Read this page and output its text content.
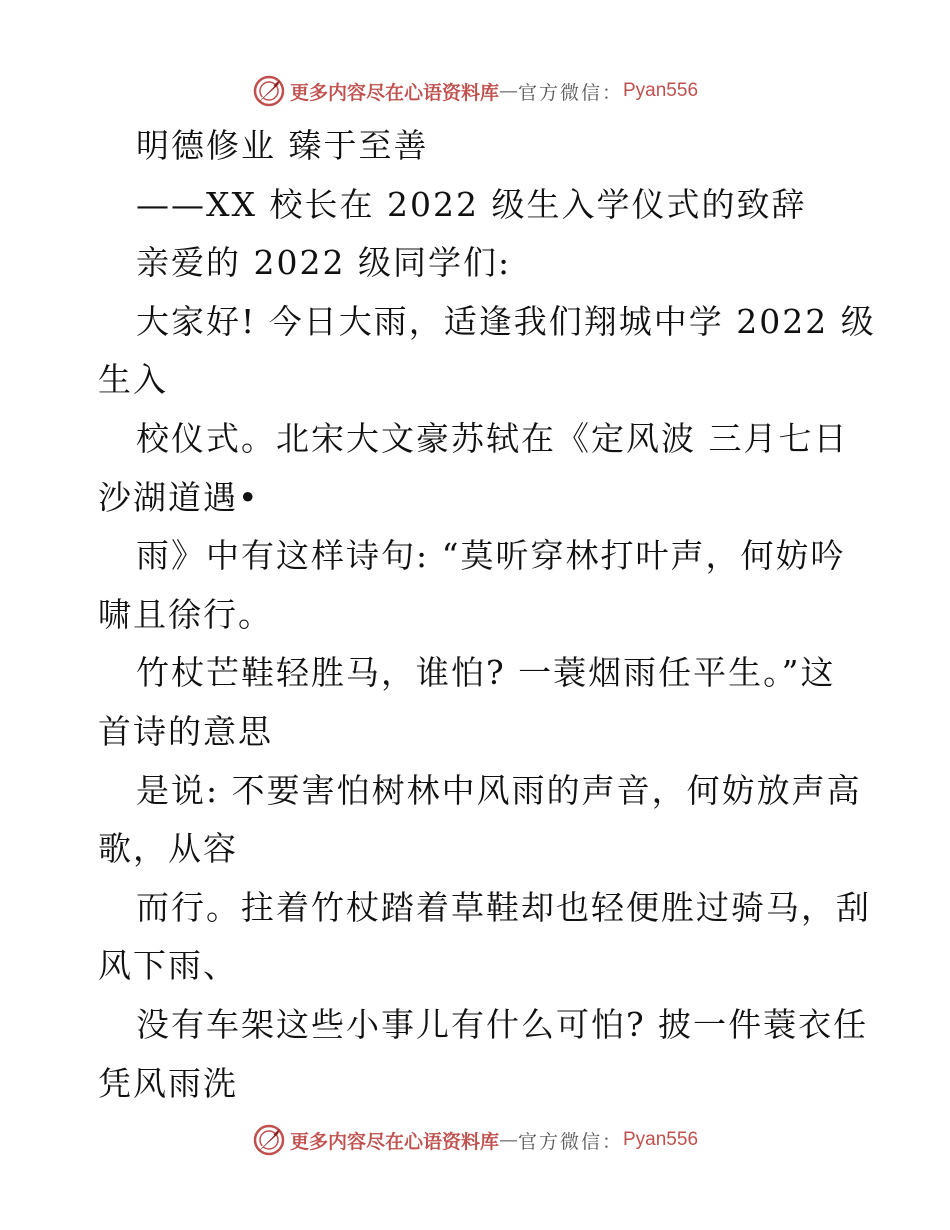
更多内容尽在心语资料库 — 官方微信： Pyan556
明德修业 臻于至善
——XX 校长在 2022 级生入学仪式的致辞
亲爱的 2022 级同学们:
大家好! 今日大雨，适逢我们翔城中学 2022 级
生入
校仪式。北宋大文豪苏轼在《定风波 三月七日
沙湖道遇•
雨》中有这样诗句: “莫听穿林打叶声，何妨吟
啸且徐行。
竹杖芒鞋轻胜马，谁怕? 一蓑烟雨任平生。”这
首诗的意思
是说: 不要害怕树林中风雨的声音，何妨放声高
歌，从容
而行。拄着竹杖踏着草鞋却也轻便胜过骑马，刮
风下雨、
没有车架这些小事儿有什么可怕? 披一件蓑衣任
凭风雨洗
更多内容尽在心语资料库 — 官方微信： Pyan556
